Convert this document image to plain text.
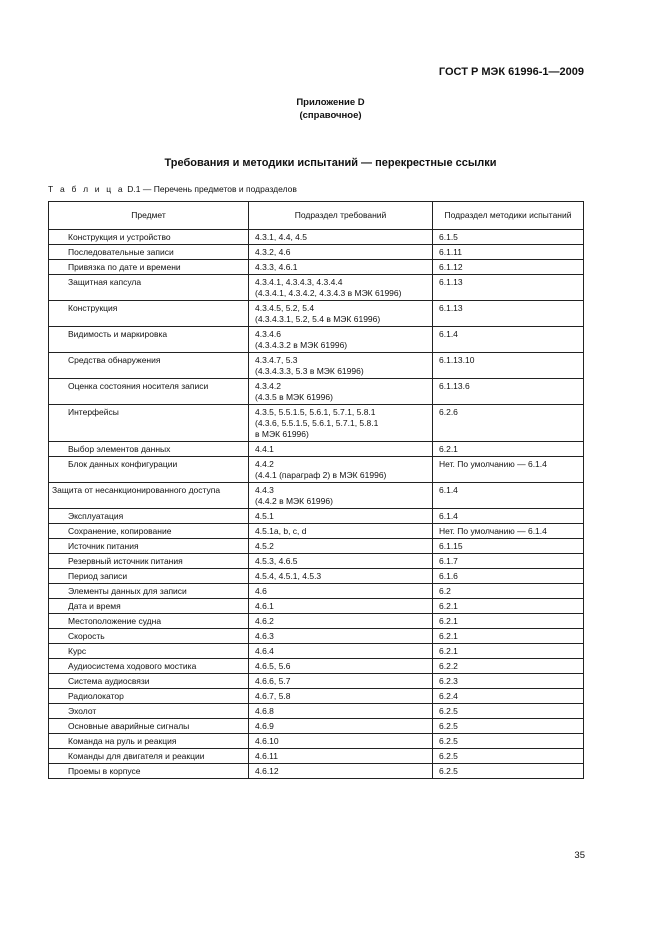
ГОСТ Р МЭК 61996-1—2009
Приложение D
(справочное)
Требования и методики испытаний — перекрестные ссылки
Т а б л и ц а D.1 — Перечень предметов и подразделов
Предмет	Подраздел требований	Подраздел методики испытаний
Конструкция и устройство	4.3.1, 4.4, 4.5	6.1.5

Последовательные записи	4.3.2, 4.6	6.1.11

Привязка по дате и времени	4.3.3, 4.6.1	6.1.12

Защитная капсула	4.3.4.1, 4.3.4.3, 4.3.4.4
(4.3.4.1, 4.3.4.2, 4.3.4.3 в МЭК 61996)	6.1.13

Конструкция	4.3.4.5, 5.2, 5.4
(4.3.4.3.1, 5.2, 5.4 в МЭК 61996)	6.1.13

Видимость и маркировка	4.3.4.6
(4.3.4.3.2 в МЭК 61996)	6.1.4

Средства обнаружения	4.3.4.7, 5.3
(4.3.4.3.3, 5.3 в МЭК 61996)	6.1.13.10

Оценка состояния носителя записи	4.3.4.2
(4.3.5 в МЭК 61996)	6.1.13.6

Интерфейсы	4.3.5, 5.5.1.5, 5.6.1, 5.7.1, 5.8.1
(4.3.6, 5.5.1.5, 5.6.1, 5.7.1, 5.8.1
в МЭК 61996)	6.2.6

Выбор элементов данных	4.4.1	6.2.1

Блок данных конфигурации	4.4.2
(4.4.1 (параграф 2) в МЭК 61996)	Нет. По умолчанию — 6.1.4

Защита от несанкционированного доступа	4.4.3
(4.4.2 в МЭК 61996)	6.1.4

Эксплуатация	4.5.1	6.1.4

Сохранение, копирование	4.5.1a, b, c, d	Нет. По умолчанию — 6.1.4

Источник питания	4.5.2	6.1.15

Резервный источник питания	4.5.3, 4.6.5	6.1.7

Период записи	4.5.4, 4.5.1, 4.5.3	6.1.6

Элементы данных для записи	4.6	6.2

Дата и время	4.6.1	6.2.1

Местоположение судна	4.6.2	6.2.1

Скорость	4.6.3	6.2.1

Курс	4.6.4	6.2.1

Аудиосистема ходового мостика	4.6.5, 5.6	6.2.2

Система аудиосвязи	4.6.6, 5.7	6.2.3

Радиолокатор	4.6.7, 5.8	6.2.4

Эхолот	4.6.8	6.2.5

Основные аварийные сигналы	4.6.9	6.2.5

Команда на руль и реакция	4.6.10	6.2.5

Команды для двигателя и реакции	4.6.11	6.2.5

Проемы в корпусе	4.6.12	6.2.5
35
